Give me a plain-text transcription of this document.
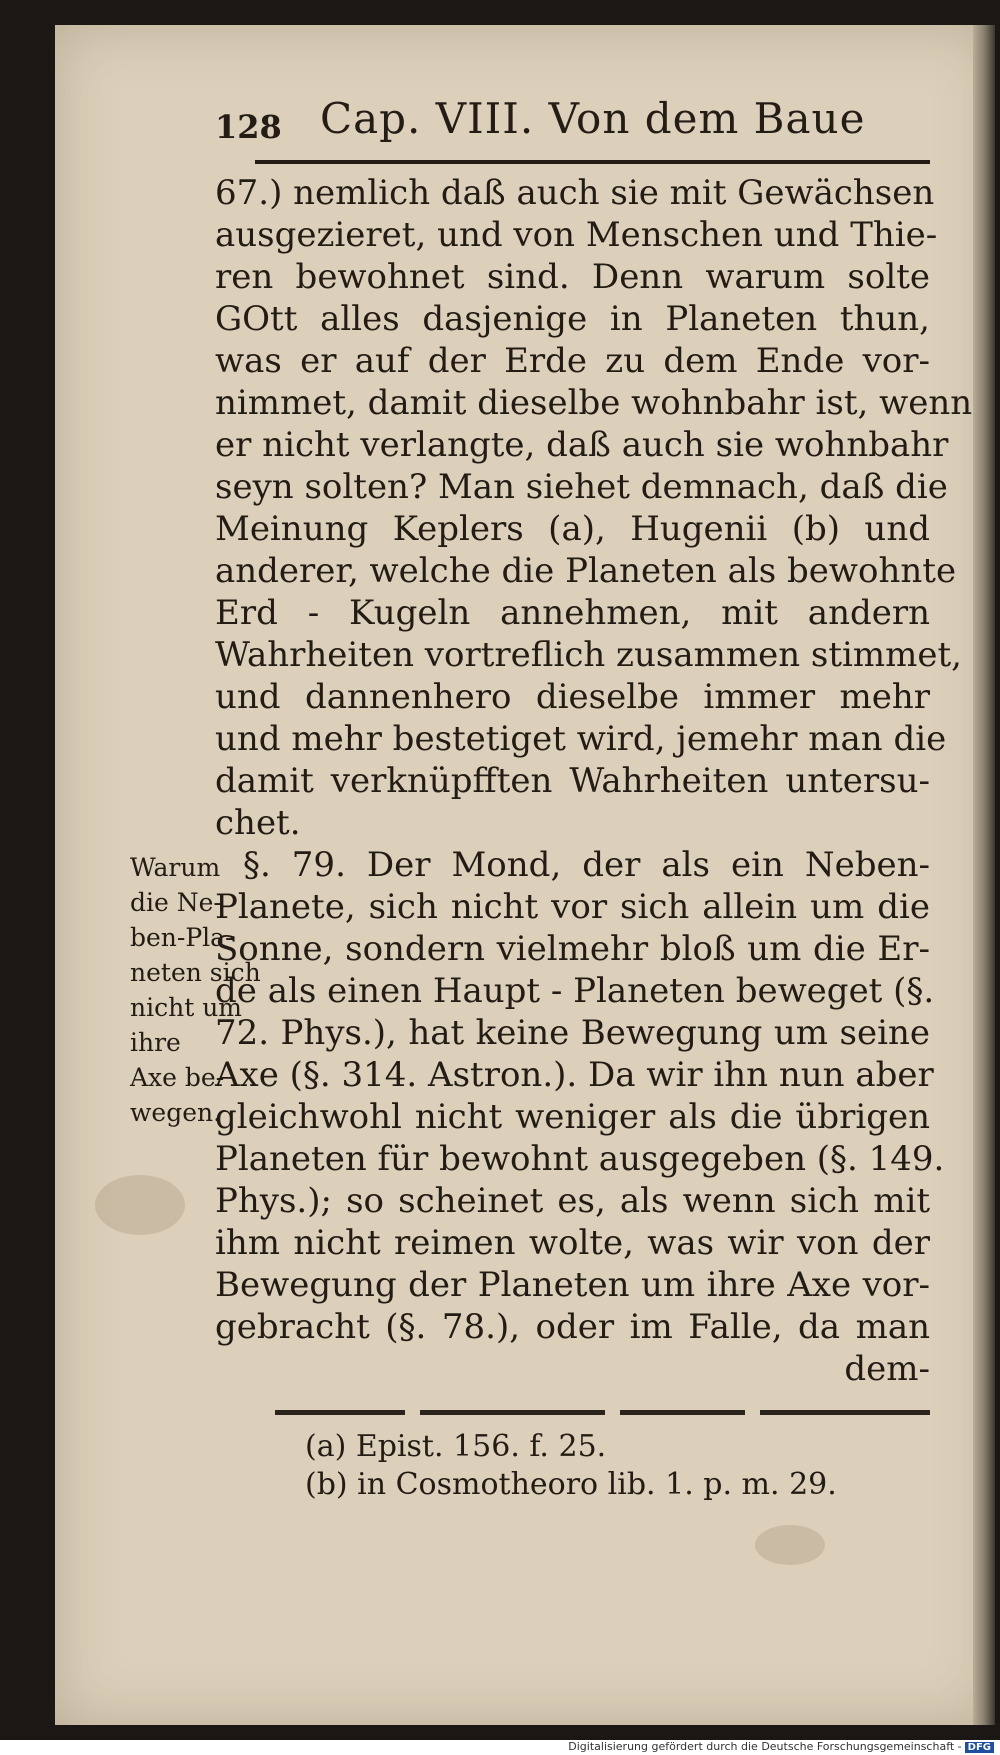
128 Cap. VIII. Von dem Baue
67.) nemlich daß auch sie mit Gewächsen
ausgezieret, und von Menschen und Thie-
ren bewohnet sind. Denn warum solte
GOtt alles dasjenige in Planeten thun,
was er auf der Erde zu dem Ende vor-
nimmet, damit dieselbe wohnbahr ist, wenn
er nicht verlangte, daß auch sie wohnbahr
seyn solten? Man siehet demnach, daß die
Meinung Keplers (a), Hugenii (b) und
anderer, welche die Planeten als bewohnte
Erd - Kugeln annehmen, mit andern
Wahrheiten vortreflich zusammen stimmet,
und dannenhero dieselbe immer mehr
und mehr bestetiget wird, jemehr man die
damit verknüpfften Wahrheiten untersu-
chet.
§. 79. Der Mond, der als ein Neben-
Planete, sich nicht vor sich allein um die
Sonne, sondern vielmehr bloß um die Er-
de als einen Haupt - Planeten beweget (§.
72. Phys.), hat keine Bewegung um seine
Axe (§. 314. Astron.). Da wir ihn nun aber
gleichwohl nicht weniger als die übrigen
Planeten für bewohnt ausgegeben (§. 149.
Phys.); so scheinet es, als wenn sich mit
ihm nicht reimen wolte, was wir von der
Bewegung der Planeten um ihre Axe vor-
gebracht (§. 78.), oder im Falle, da man
dem-
Warum
die Ne-
ben-Pla-
neten sich
nicht um
ihre
Axe be-
wegen.
(a) Epist. 156. f. 25.
(b) in Cosmotheoro lib. 1. p. m. 29.
Digitalisierung gefördert durch die Deutsche Forschungsgemeinschaft - DFG
